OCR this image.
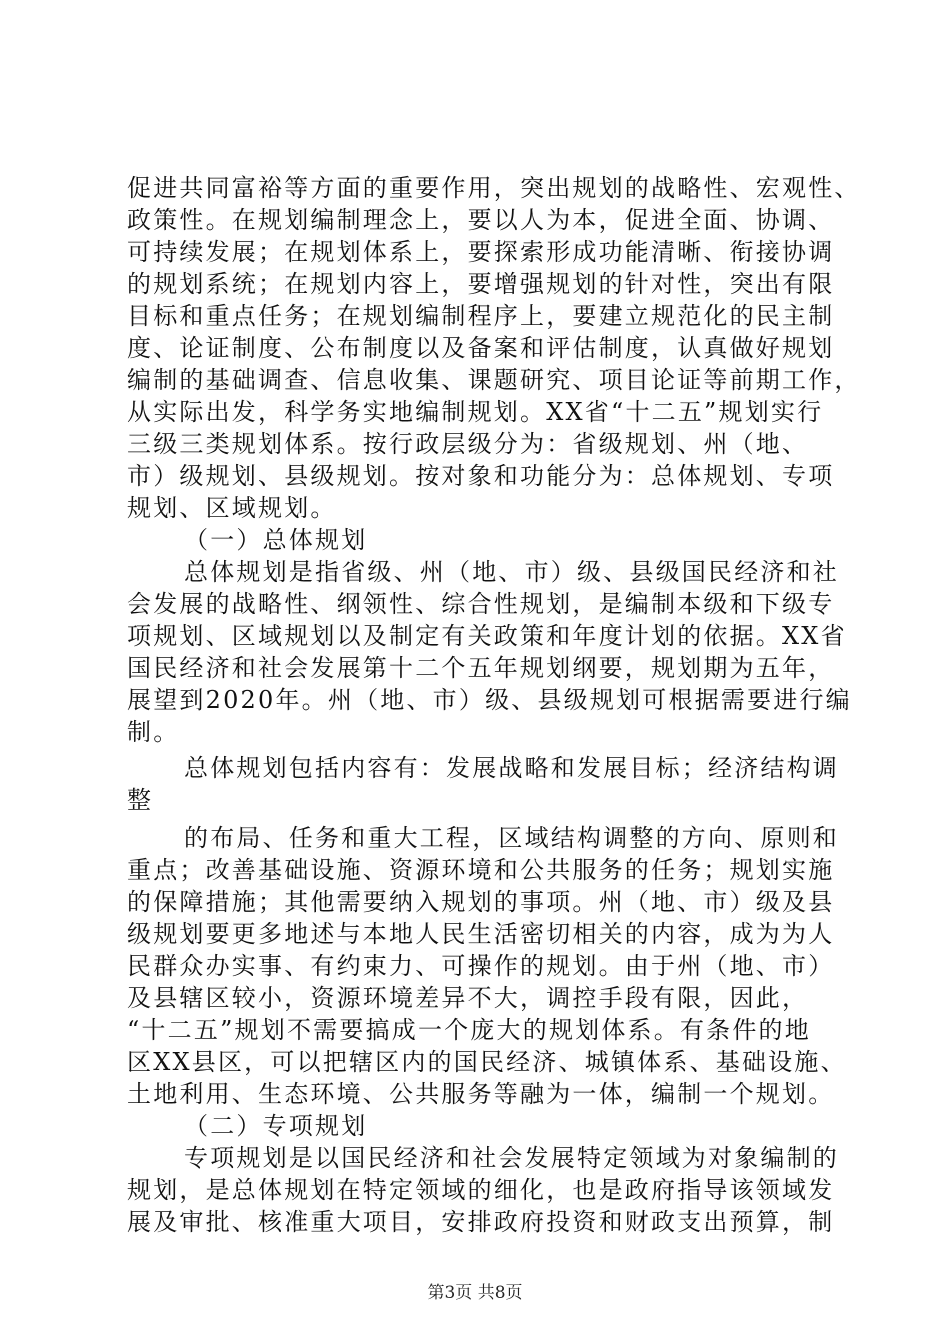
促进共同富裕等方面的重要作用，突出规划的战略性、宏观性、
政策性。在规划编制理念上，要以人为本，促进全面、协调、
可持续发展；在规划体系上，要探索形成功能清晰、衔接协调
的规划系统；在规划内容上，要增强规划的针对性，突出有限
目标和重点任务；在规划编制程序上，要建立规范化的民主制
度、论证制度、公布制度以及备案和评估制度，认真做好规划
编制的基础调查、信息收集、课题研究、项目论证等前期工作，
从实际出发，科学务实地编制规划。XX省“十二五”规划实行
三级三类规划体系。按行政层级分为：省级规划、州（地、
市）级规划、县级规划。按对象和功能分为：总体规划、专项
规划、区域规划。
（一）总体规划
总体规划是指省级、州（地、市）级、县级国民经济和社
会发展的战略性、纲领性、综合性规划，是编制本级和下级专
项规划、区域规划以及制定有关政策和年度计划的依据。XX省
国民经济和社会发展第十二个五年规划纲要，规划期为五年，
展望到2020年。州（地、市）级、县级规划可根据需要进行编
制。
总体规划包括内容有：发展战略和发展目标；经济结构调
整
的布局、任务和重大工程，区域结构调整的方向、原则和
重点；改善基础设施、资源环境和公共服务的任务；规划实施
的保障措施；其他需要纳入规划的事项。州（地、市）级及县
级规划要更多地述与本地人民生活密切相关的内容，成为为人
民群众办实事、有约束力、可操作的规划。由于州（地、市）
及县辖区较小，资源环境差异不大，调控手段有限，因此，
“十二五”规划不需要搞成一个庞大的规划体系。有条件的地
区XX县区，可以把辖区内的国民经济、城镇体系、基础设施、
土地利用、生态环境、公共服务等融为一体，编制一个规划。
（二）专项规划
专项规划是以国民经济和社会发展特定领域为对象编制的
规划，是总体规划在特定领域的细化，也是政府指导该领域发
展及审批、核准重大项目，安排政府投资和财政支出预算，制
第3页 共8页
